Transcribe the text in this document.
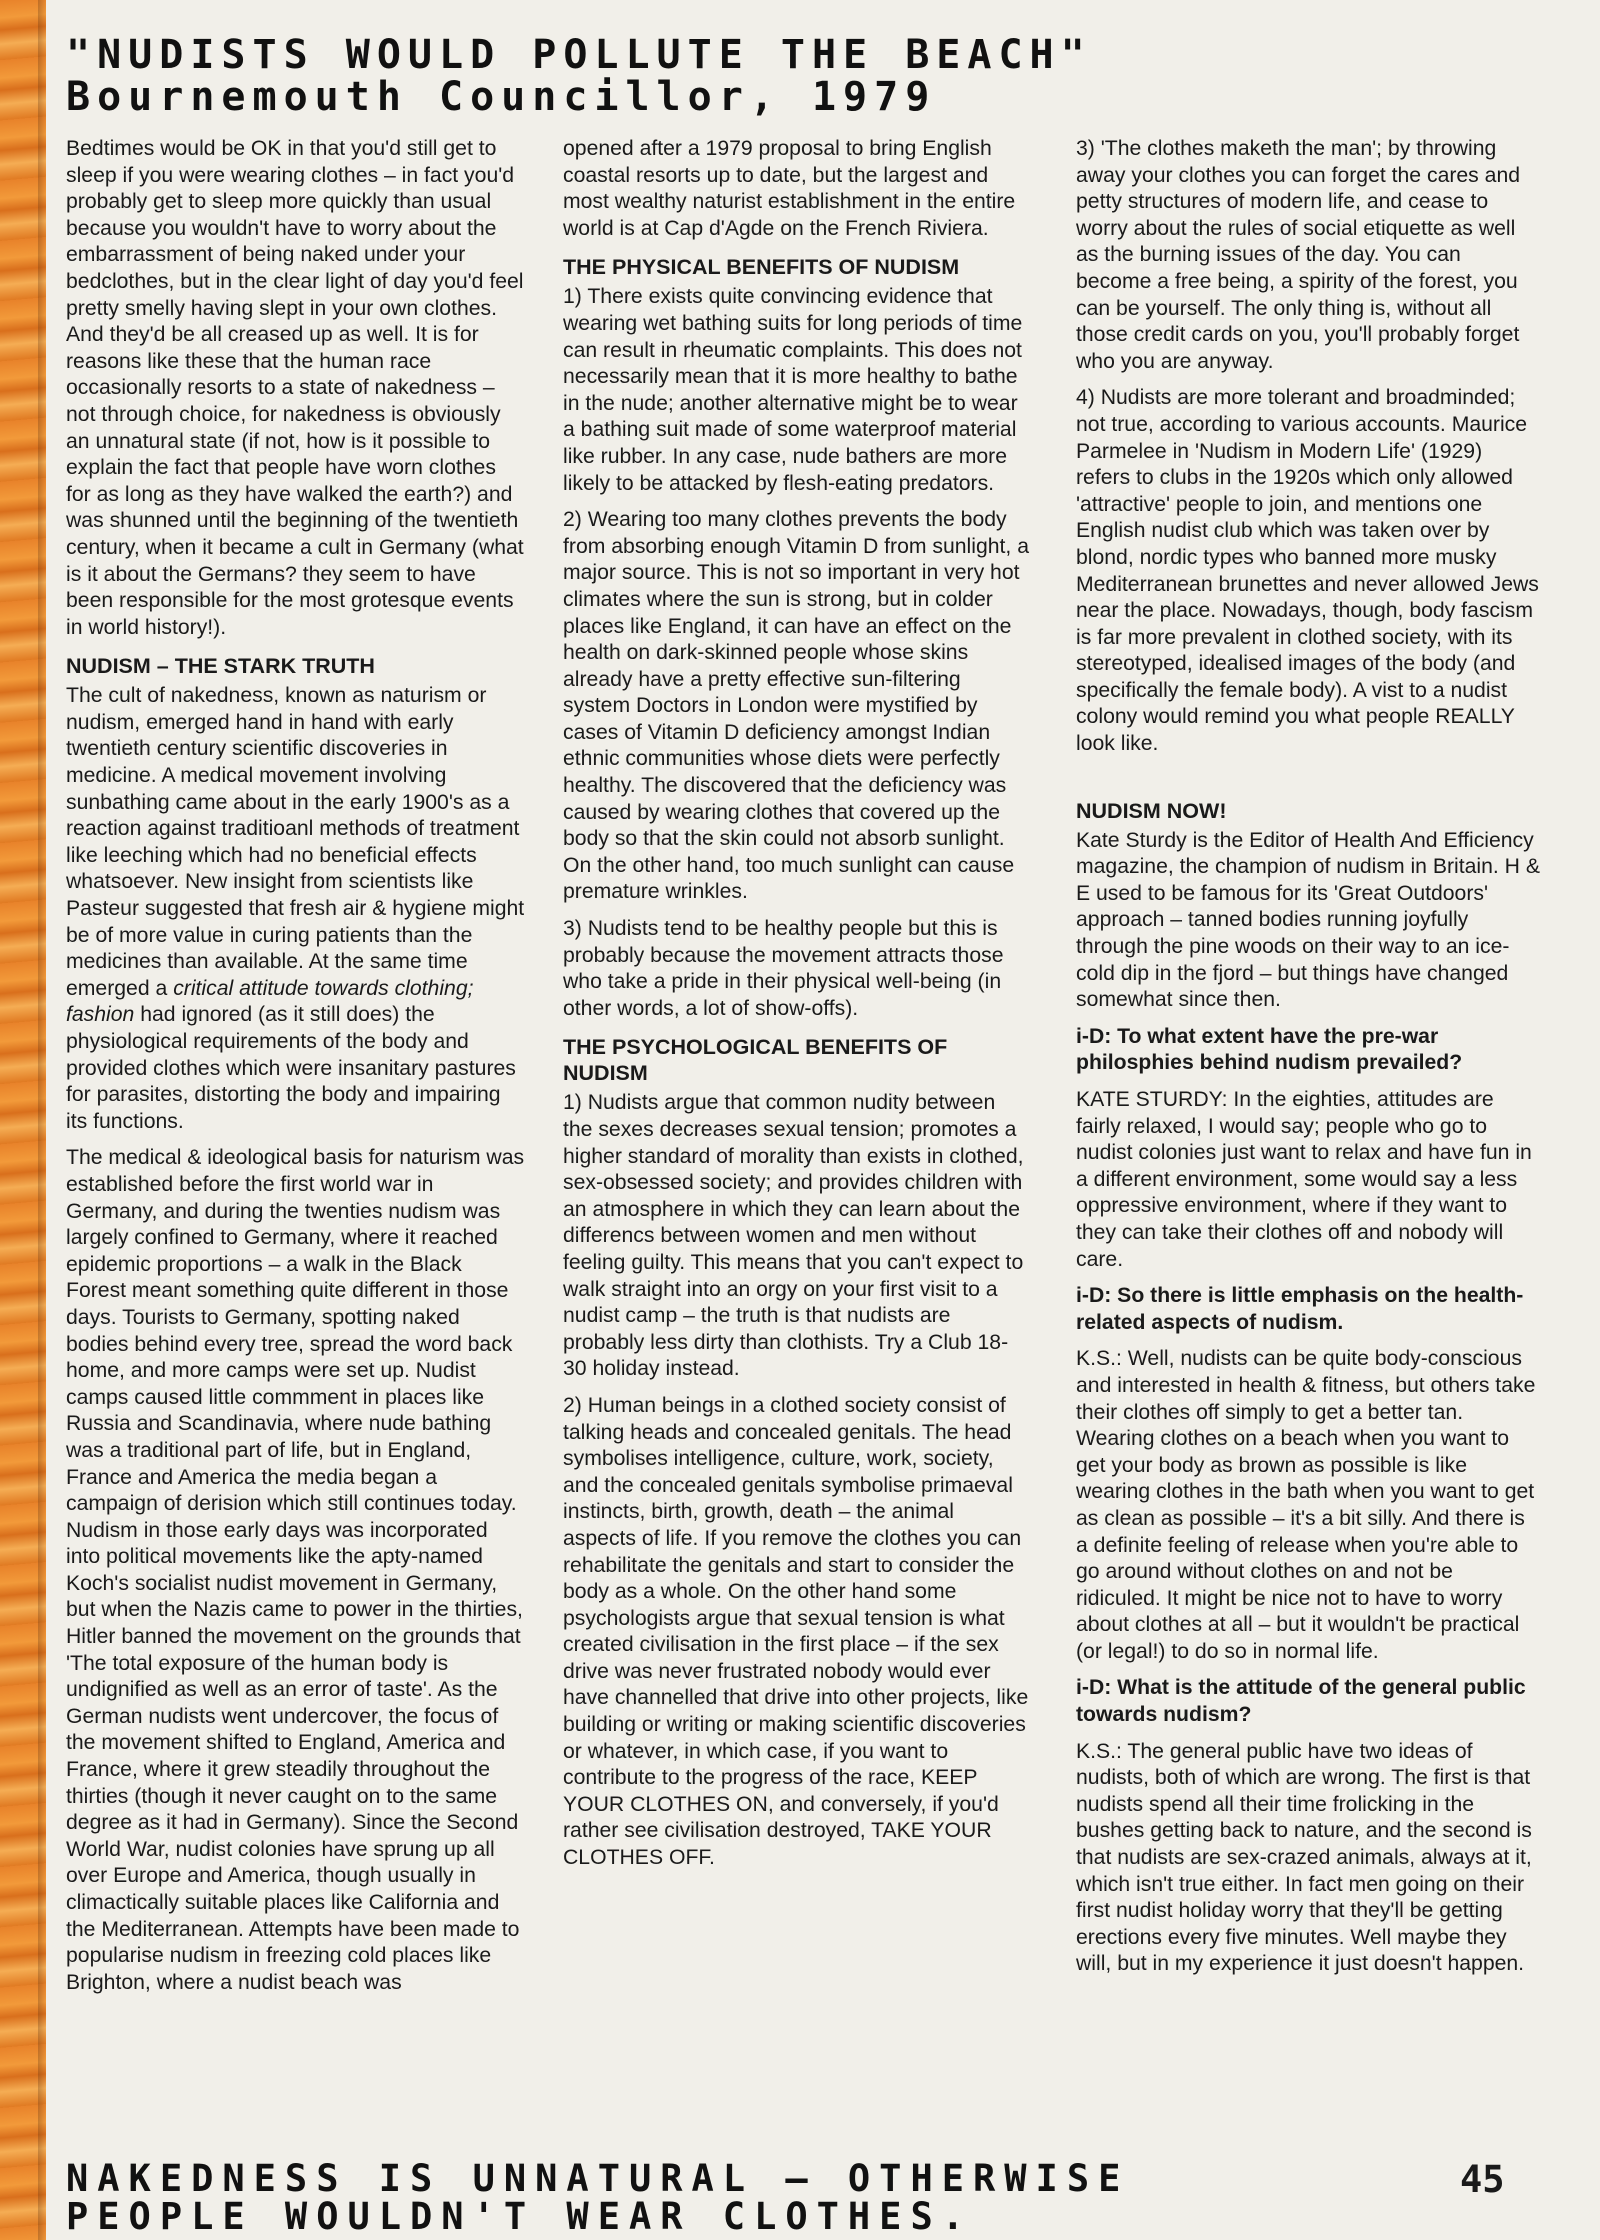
"NUDISTS WOULD POLLUTE THE BEACH"
Bournemouth Councillor, 1979

Bedtimes would be OK in that you'd still get to sleep if you were wearing clothes – in fact you'd probably get to sleep more quickly than usual because you wouldn't have to worry about the embarrassment of being naked under your bedclothes, but in the clear light of day you'd feel pretty smelly having slept in your own clothes. And they'd be all creased up as well. It is for reasons like these that the human race occasionally resorts to a state of nakedness – not through choice, for nakedness is obviously an unnatural state (if not, how is it possible to explain the fact that people have worn clothes for as long as they have walked the earth?) and was shunned until the beginning of the twentieth century, when it became a cult in Germany (what is it about the Germans? they seem to have been responsible for the most grotesque events in world history!).

NUDISM – THE STARK TRUTH

The cult of nakedness, known as naturism or nudism, emerged hand in hand with early twentieth century scientific discoveries in medicine. A medical movement involving sunbathing came about in the early 1900's as a reaction against traditioanl methods of treatment like leeching which had no beneficial effects whatsoever. New insight from scientists like Pasteur suggested that fresh air & hygiene might be of more value in curing patients than the medicines than available. At the same time emerged a critical attitude towards clothing; fashion had ignored (as it still does) the physiological requirements of the body and provided clothes which were insanitary pastures for parasites, distorting the body and impairing its functions.

The medical & ideological basis for naturism was established before the first world war in Germany, and during the twenties nudism was largely confined to Germany, where it reached epidemic proportions – a walk in the Black Forest meant something quite different in those days. Tourists to Germany, spotting naked bodies behind every tree, spread the word back home, and more camps were set up. Nudist camps caused little commment in places like Russia and Scandinavia, where nude bathing was a traditional part of life, but in England, France and America the media began a campaign of derision which still continues today. Nudism in those early days was incorporated into political movements like the apty-named Koch's socialist nudist movement in Germany, but when the Nazis came to power in the thirties, Hitler banned the movement on the grounds that 'The total exposure of the human body is undignified as well as an error of taste'. As the German nudists went undercover, the focus of the movement shifted to England, America and France, where it grew steadily throughout the thirties (though it never caught on to the same degree as it had in Germany). Since the Second World War, nudist colonies have sprung up all over Europe and America, though usually in climactically suitable places like California and the Mediterranean. Attempts have been made to popularise nudism in freezing cold places like Brighton, where a nudist beach was

opened after a 1979 proposal to bring English coastal resorts up to date, but the largest and most wealthy naturist establishment in the entire world is at Cap d'Agde on the French Riviera.

THE PHYSICAL BENEFITS OF NUDISM

1) There exists quite convincing evidence that wearing wet bathing suits for long periods of time can result in rheumatic complaints. This does not necessarily mean that it is more healthy to bathe in the nude; another alternative might be to wear a bathing suit made of some waterproof material like rubber. In any case, nude bathers are more likely to be attacked by flesh-eating predators.

2) Wearing too many clothes prevents the body from absorbing enough Vitamin D from sunlight, a major source. This is not so important in very hot climates where the sun is strong, but in colder places like England, it can have an effect on the health on dark-skinned people whose skins already have a pretty effective sun-filtering system Doctors in London were mystified by cases of Vitamin D deficiency amongst Indian ethnic communities whose diets were perfectly healthy. The discovered that the deficiency was caused by wearing clothes that covered up the body so that the skin could not absorb sunlight. On the other hand, too much sunlight can cause premature wrinkles.

3) Nudists tend to be healthy people but this is probably because the movement attracts those who take a pride in their physical well-being (in other words, a lot of show-offs).

THE PSYCHOLOGICAL BENEFITS OF NUDISM

1) Nudists argue that common nudity between the sexes decreases sexual tension; promotes a higher standard of morality than exists in clothed, sex-obsessed society; and provides children with an atmosphere in which they can learn about the differencs between women and men without feeling guilty. This means that you can't expect to walk straight into an orgy on your first visit to a nudist camp – the truth is that nudists are probably less dirty than clothists. Try a Club 18-30 holiday instead.

2) Human beings in a clothed society consist of talking heads and concealed genitals. The head symbolises intelligence, culture, work, society, and the concealed genitals symbolise primaeval instincts, birth, growth, death – the animal aspects of life. If you remove the clothes you can rehabilitate the genitals and start to consider the body as a whole. On the other hand some psychologists argue that sexual tension is what created civilisation in the first place – if the sex drive was never frustrated nobody would ever have channelled that drive into other projects, like building or writing or making scientific discoveries or whatever, in which case, if you want to contribute to the progress of the race, KEEP YOUR CLOTHES ON, and conversely, if you'd rather see civilisation destroyed, TAKE YOUR CLOTHES OFF.

3) 'The clothes maketh the man'; by throwing away your clothes you can forget the cares and petty structures of modern life, and cease to worry about the rules of social etiquette as well as the burning issues of the day. You can become a free being, a spirity of the forest, you can be yourself. The only thing is, without all those credit cards on you, you'll probably forget who you are anyway.

4) Nudists are more tolerant and broadminded; not true, according to various accounts. Maurice Parmelee in 'Nudism in Modern Life' (1929) refers to clubs in the 1920s which only allowed 'attractive' people to join, and mentions one English nudist club which was taken over by blond, nordic types who banned more musky Mediterranean brunettes and never allowed Jews near the place. Nowadays, though, body fascism is far more prevalent in clothed society, with its stereotyped, idealised images of the body (and specifically the female body). A vist to a nudist colony would remind you what people REALLY look like.

NUDISM NOW!

Kate Sturdy is the Editor of Health And Efficiency magazine, the champion of nudism in Britain. H & E used to be famous for its 'Great Outdoors' approach – tanned bodies running joyfully through the pine woods on their way to an ice-cold dip in the fjord – but things have changed somewhat since then.

i-D: To what extent have the pre-war philosphies behind nudism prevailed?

KATE STURDY: In the eighties, attitudes are fairly relaxed, I would say; people who go to nudist colonies just want to relax and have fun in a different environment, some would say a less oppressive environment, where if they want to they can take their clothes off and nobody will care.

i-D: So there is little emphasis on the health-related aspects of nudism.

K.S.: Well, nudists can be quite body-conscious and interested in health & fitness, but others take their clothes off simply to get a better tan. Wearing clothes on a beach when you want to get your body as brown as possible is like wearing clothes in the bath when you want to get as clean as possible – it's a bit silly. And there is a definite feeling of release when you're able to go around without clothes on and not be ridiculed. It might be nice not to have to worry about clothes at all – but it wouldn't be practical (or legal!) to do so in normal life.

i-D: What is the attitude of the general public towards nudism?

K.S.: The general public have two ideas of nudists, both of which are wrong. The first is that nudists spend all their time frolicking in the bushes getting back to nature, and the second is that nudists are sex-crazed animals, always at it, which isn't true either. In fact men going on their first nudist holiday worry that they'll be getting erections every five minutes. Well maybe they will, but in my experience it just doesn't happen.

NAKEDNESS IS UNNATURAL — OTHERWISE
PEOPLE WOULDN'T WEAR CLOTHES.
45
